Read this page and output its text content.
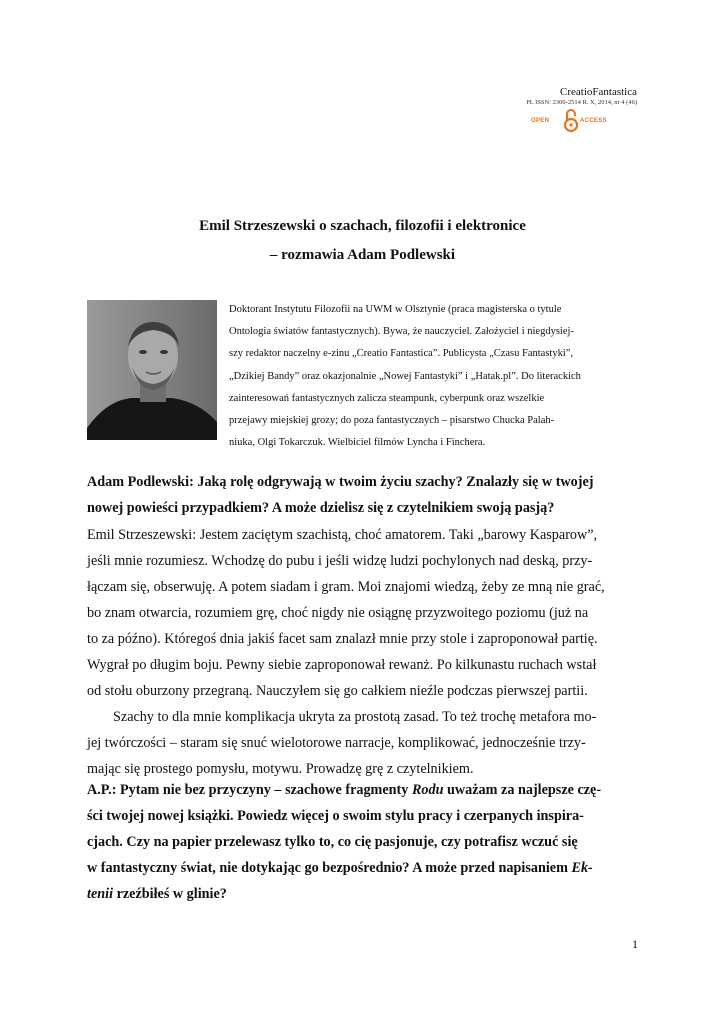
CreatioFantastica
PL ISSN: 2300-2514 R. X, 2014, nr 4 (46)
OPEN	ACCESS
Emil Strzeszewski o szachach, filozofii i elektronice
– rozmawia Adam Podlewski
Doktorant Instytutu Filozofii na UWM w Olsztynie (praca magisterska o tytule
Ontologia światów fantastycznych). Bywa, że nauczyciel. Założyciel i niegdysiej-
szy redaktor naczelny e-zinu „Creatio Fantastica”. Publicysta „Czasu Fantastyki”,
„Dzikiej Bandy” oraz okazjonalnie „Nowej Fantastyki” i „Hatak.pl”. Do literackich
zainteresowań fantastycznych zalicza steampunk, cyberpunk oraz wszelkie
przejawy miejskiej grozy; do poza fantastycznych – pisarstwo Chucka Palah-
niuka, Olgi Tokarczuk. Wielbiciel filmów Lyncha i Finchera.
Adam Podlewski: Jaką rolę odgrywają w twoim życiu szachy? Znalazły się w twojej
nowej powieści przypadkiem? A może dzielisz się z czytelnikiem swoją pasją?
Emil Strzeszewski: Jestem zaciętym szachistą, choć amatorem. Taki „barowy Kasparow”,
jeśli mnie rozumiesz. Wchodzę do pubu i jeśli widzę ludzi pochylonych nad deską, przy-
łączam się, obserwuję. A potem siadam i gram. Moi znajomi wiedzą, żeby ze mną nie grać,
bo znam otwarcia, rozumiem grę, choć nigdy nie osiągnę przyzwoitego poziomu (już na
to za późno). Któregoś dnia jakiś facet sam znalazł mnie przy stole i zaproponował partię.
Wygrał po długim boju. Pewny siebie zaproponował rewanż. Po kilkunastu ruchach wstał
od stołu oburzony przegraną. Nauczyłem się go całkiem nieźle podczas pierwszej partii.
Szachy to dla mnie komplikacja ukryta za prostotą zasad. To też trochę metafora mo-
jej twórczości – staram się snuć wielotorowe narracje, komplikować, jednocześnie trzy-
mając się prostego pomysłu, motywu. Prowadzę grę z czytelnikiem.
A.P.: Pytam nie bez przyczyny – szachowe fragmenty Rodu uważam za najlepsze czę-
ści twojej nowej książki. Powiedz więcej o swoim stylu pracy i czerpanych inspira-
cjach. Czy na papier przelewasz tylko to, co cię pasjonuje, czy potrafisz wczuć się
w fantastyczny świat, nie dotykając go bezpośrednio? A może przed napisaniem Ek-
tenii rzeźbiłeś w glinie?
1
